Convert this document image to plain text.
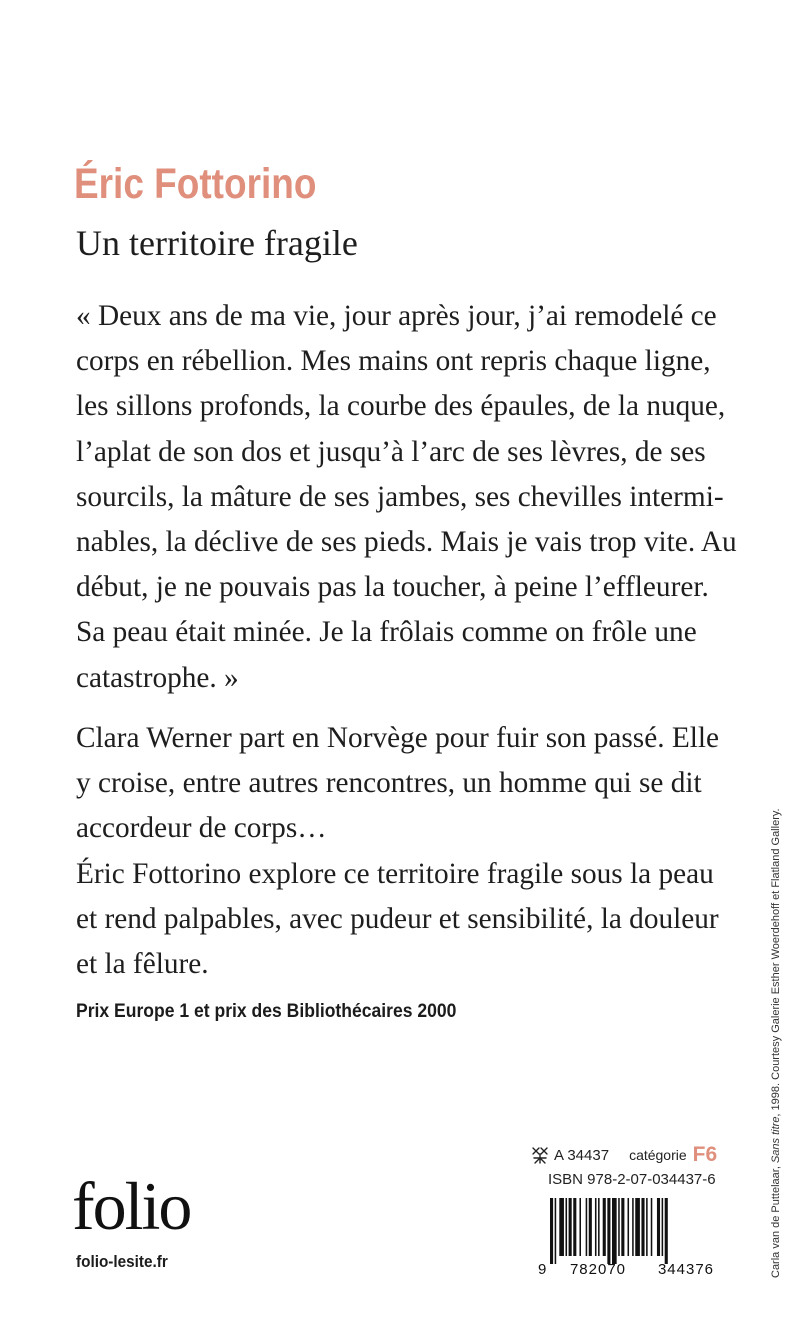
Éric Fottorino
Un territoire fragile
« Deux ans de ma vie, jour après jour, j’ai remodelé ce
corps en rébellion. Mes mains ont repris chaque ligne,
les sillons profonds, la courbe des épaules, de la nuque,
l’aplat de son dos et jusqu’à l’arc de ses lèvres, de ses
sourcils, la mâture de ses jambes, ses chevilles intermi-
nables, la déclive de ses pieds. Mais je vais trop vite. Au
début, je ne pouvais pas la toucher, à peine l’effleurer.
Sa peau était minée. Je la frôlais comme on frôle une
catastrophe. »
Clara Werner part en Norvège pour fuir son passé. Elle
y croise, entre autres rencontres, un homme qui se dit
accordeur de corps…
Éric Fottorino explore ce territoire fragile sous la peau
et rend palpables, avec pudeur et sensibilité, la douleur
et la fêlure.
Prix Europe 1 et prix des Bibliothécaires 2000
folio
folio-lesite.fr
A 34437 catégorie F6
ISBN 978-2-07-034437-6
9 782070 344376	Carla van de Puttelaar, Sans titre, 1998. Courtesy Galerie Esther Woerdehoff et Flatland Gallery.
